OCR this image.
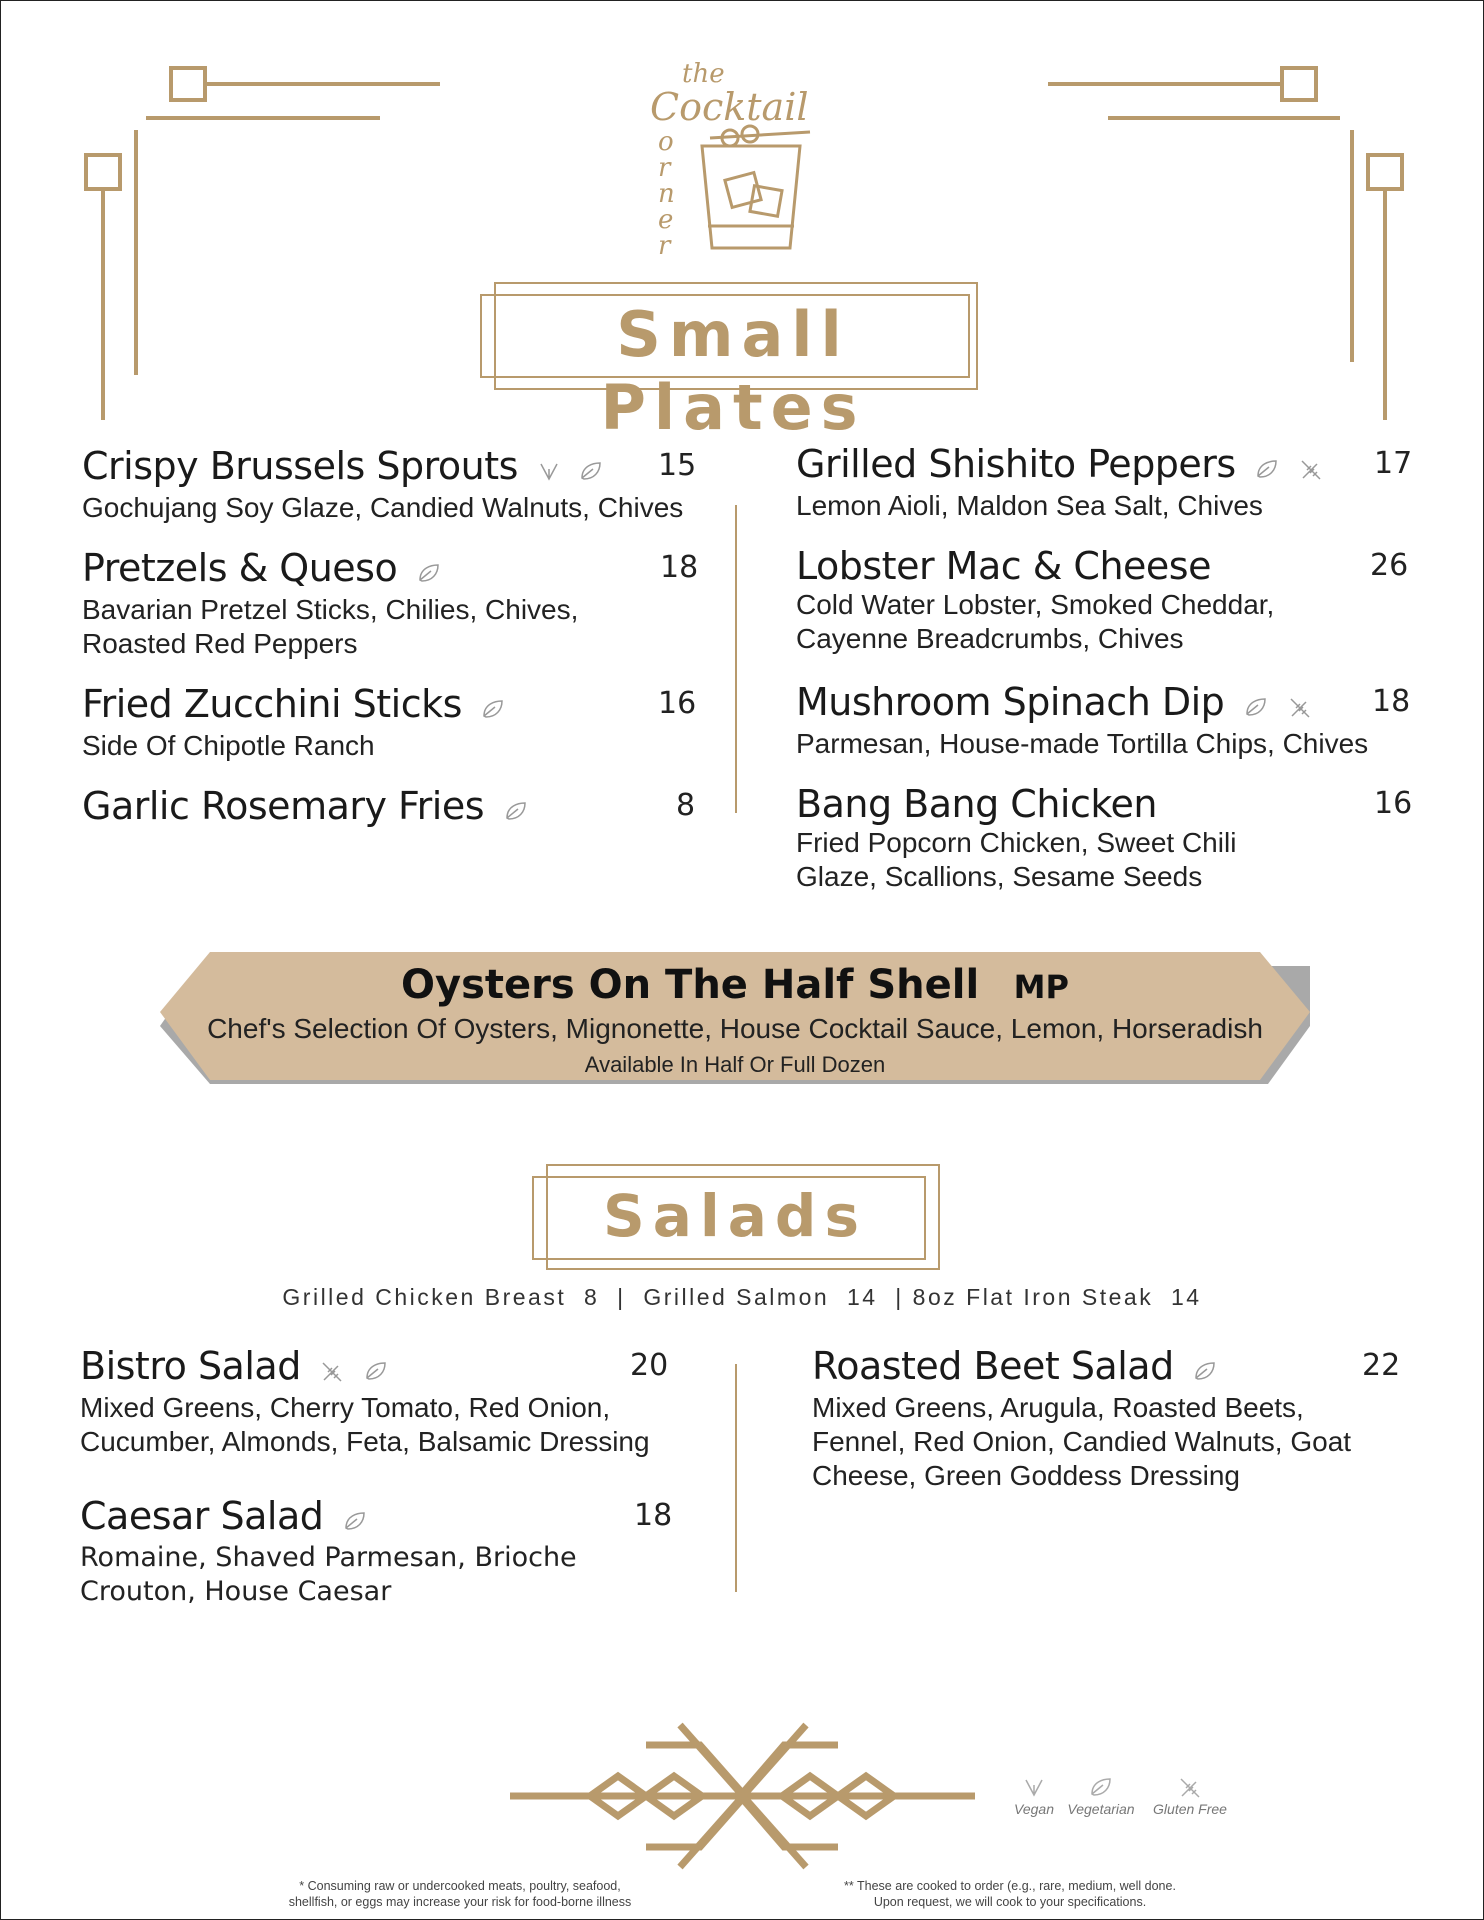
the
Cocktail
o
r
n
e
r
Small Plates
Crispy Brussels Sprouts	15
Gochujang Soy Glaze, Candied Walnuts, Chives
Pretzels & Queso	18
Bavarian Pretzel Sticks, Chilies, Chives, Roasted Red Peppers
Fried Zucchini Sticks	16
Side Of Chipotle Ranch
Garlic Rosemary Fries	8
Grilled Shishito Peppers	17
Lemon Aioli, Maldon Sea Salt, Chives
Lobster Mac & Cheese	26
Cold Water Lobster, Smoked Cheddar, Cayenne Breadcrumbs, Chives
Mushroom Spinach Dip	18
Parmesan, House-made Tortilla Chips, Chives
Bang Bang Chicken	16
Fried Popcorn Chicken, Sweet Chili Glaze, Scallions, Sesame Seeds
Oysters On The Half Shell MP
Chef's Selection Of Oysters, Mignonette, House Cocktail Sauce, Lemon, Horseradish
Available In Half Or Full Dozen
Salads
Grilled Chicken Breast  8  |  Grilled Salmon  14  | 8oz Flat Iron Steak  14
Bistro Salad	20
Mixed Greens, Cherry Tomato, Red Onion, Cucumber, Almonds, Feta, Balsamic Dressing
Caesar Salad	18
Romaine, Shaved Parmesan, Brioche Crouton, House Caesar
Roasted Beet Salad	22
Mixed Greens, Arugula, Roasted Beets, Fennel, Red Onion, Candied Walnuts, Goat Cheese, Green Goddess Dressing

Vegan Vegetarian Gluten Free
* Consuming raw or undercooked meats, poultry, seafood,
shellfish, or eggs may increase your risk for food-borne illness
** These are cooked to order (e.g., rare, medium, well done.
Upon request, we will cook to your specifications.
